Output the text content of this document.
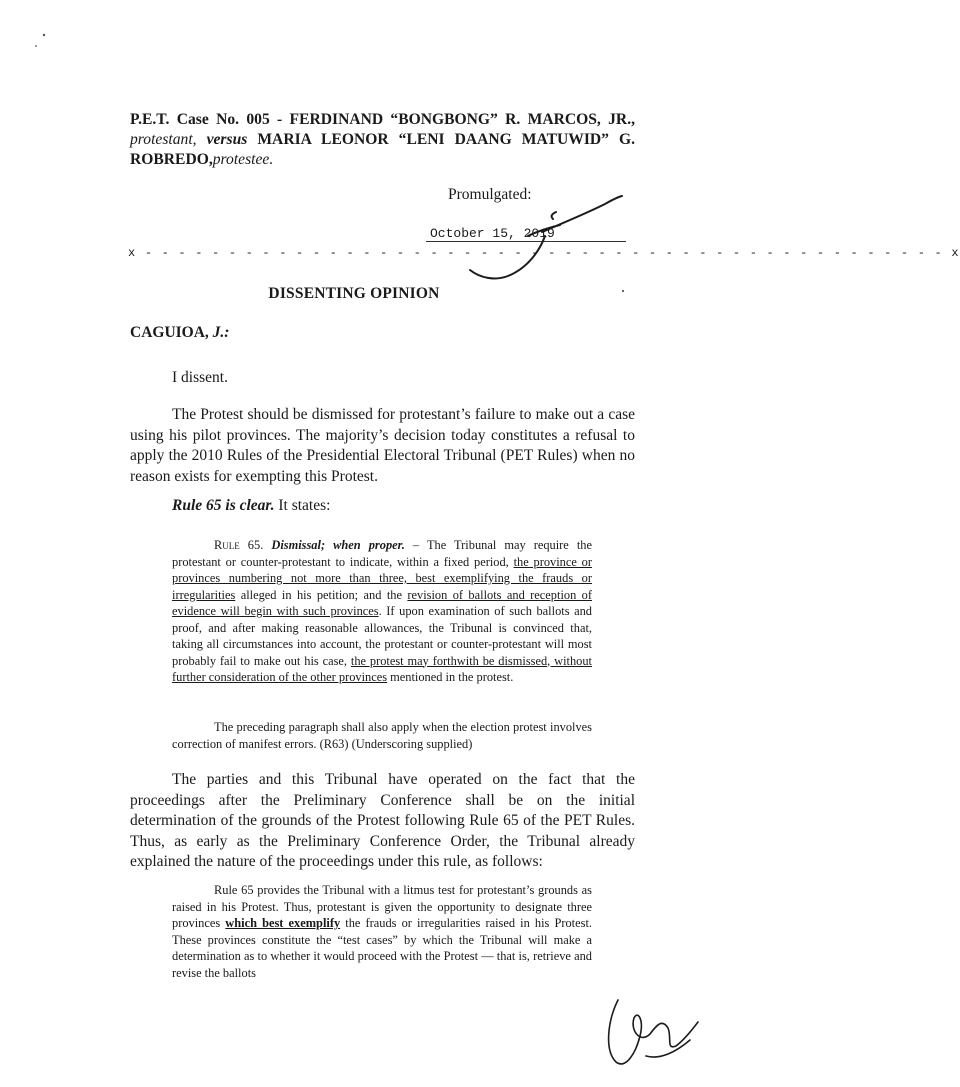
P.E.T. Case No. 005 - FERDINAND “BONGBONG” R. MARCOS, JR., protestant, versus MARIA LEONOR “LENI DAANG MATUWID” G. ROBREDO,protestee.
Promulgated:
October 15, 2019
x - - - - - - - - - - - - - - - - - - - - - - - - - - - - - - - - - - - - - - - - - - - - - - - - x
DISSENTING OPINION
CAGUIOA, J.:
I dissent.
The Protest should be dismissed for protestant’s failure to make out a case using his pilot provinces. The majority’s decision today constitutes a refusal to apply the 2010 Rules of the Presidential Electoral Tribunal (PET Rules) when no reason exists for exempting this Protest.
Rule 65 is clear. It states:
Rule 65. Dismissal; when proper. – The Tribunal may require the protestant or counter-protestant to indicate, within a fixed period, the province or provinces numbering not more than three, best exemplifying the frauds or irregularities alleged in his petition; and the revision of ballots and reception of evidence will begin with such provinces. If upon examination of such ballots and proof, and after making reasonable allowances, the Tribunal is convinced that, taking all circumstances into account, the protestant or counter-protestant will most probably fail to make out his case, the protest may forthwith be dismissed, without further consideration of the other provinces mentioned in the protest.
The preceding paragraph shall also apply when the election protest involves correction of manifest errors. (R63) (Underscoring supplied)
The parties and this Tribunal have operated on the fact that the proceedings after the Preliminary Conference shall be on the initial determination of the grounds of the Protest following Rule 65 of the PET Rules. Thus, as early as the Preliminary Conference Order, the Tribunal already explained the nature of the proceedings under this rule, as follows:
Rule 65 provides the Tribunal with a litmus test for protestant’s grounds as raised in his Protest. Thus, protestant is given the opportunity to designate three provinces which best exemplify the frauds or irregularities raised in his Protest. These provinces constitute the “test cases” by which the Tribunal will make a determination as to whether it would proceed with the Protest — that is, retrieve and revise the ballots
